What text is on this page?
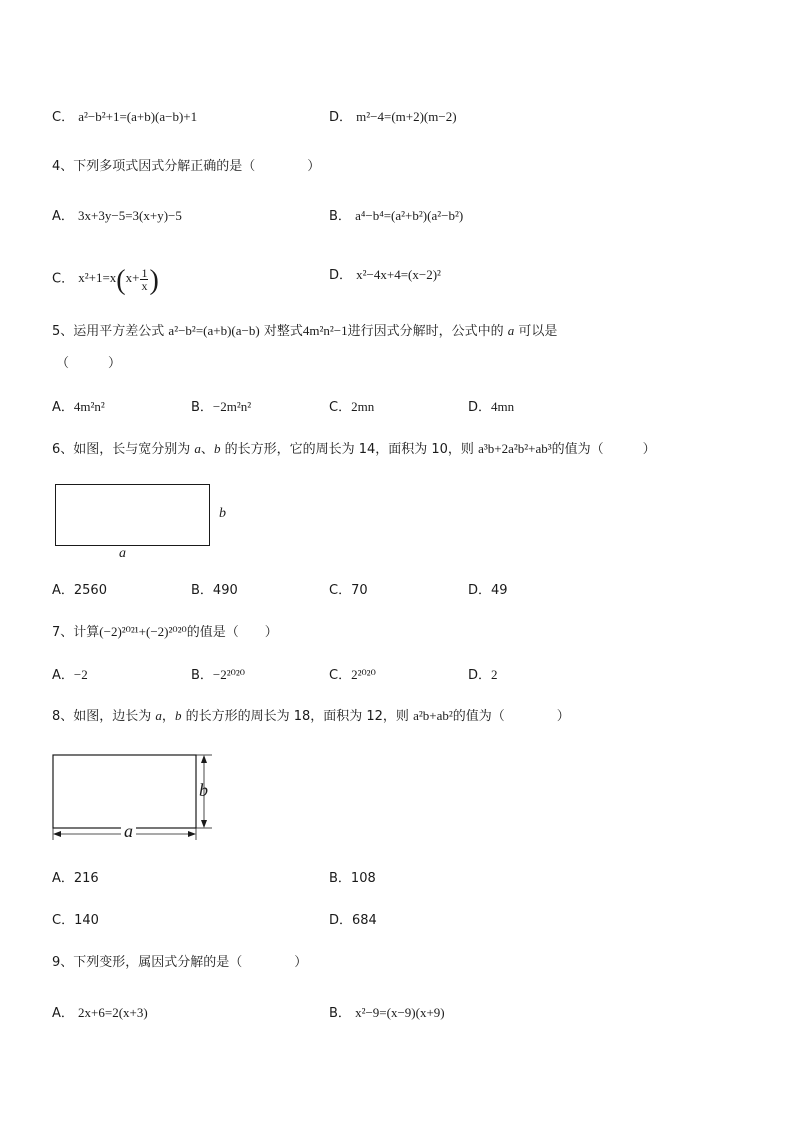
C． a²−b²+1=(a+b)(a−b)+1	D． m²−4=(m+2)(m−2)
4、下列多项式因式分解正确的是（　　　　）
A． 3x+3y−5=3(x+y)−5	B． a⁴−b⁴=(a²+b²)(a²−b²)
C． $x^2+1=x(x+ \frac{1}{x}$ )	D． x²−4x+4=(x−2)²
5、运用平方差公式 a²−b²=(a+b)(a−b) 对整式4m²n²−1进行因式分解时，公式中的 a 可以是
（　　　）
A．4m²n²	B．−2m²n²	C．2mn	D．4mn
6、如图，长与宽分别为 a、b 的长方形，它的周长为 14，面积为 10，则 a³b+2a²b²+ab³的值为（　　　）
b
a
A．2560	B．490	C．70	D．49
7、计算(−2)²⁰²¹+(−2)²⁰²⁰的值是（　　）
A．−2	B．−2²⁰²⁰	C．2²⁰²⁰	D．2
8、如图，边长为 a，b 的长方形的周长为 18，面积为 12，则 a²b+ab²的值为（　　　　）
b
a
A．216	B．108
C．140	D．684
9、下列变形，属因式分解的是（　　　　）
A． 2x+6=2(x+3)	B． x²−9=(x−9)(x+9)
